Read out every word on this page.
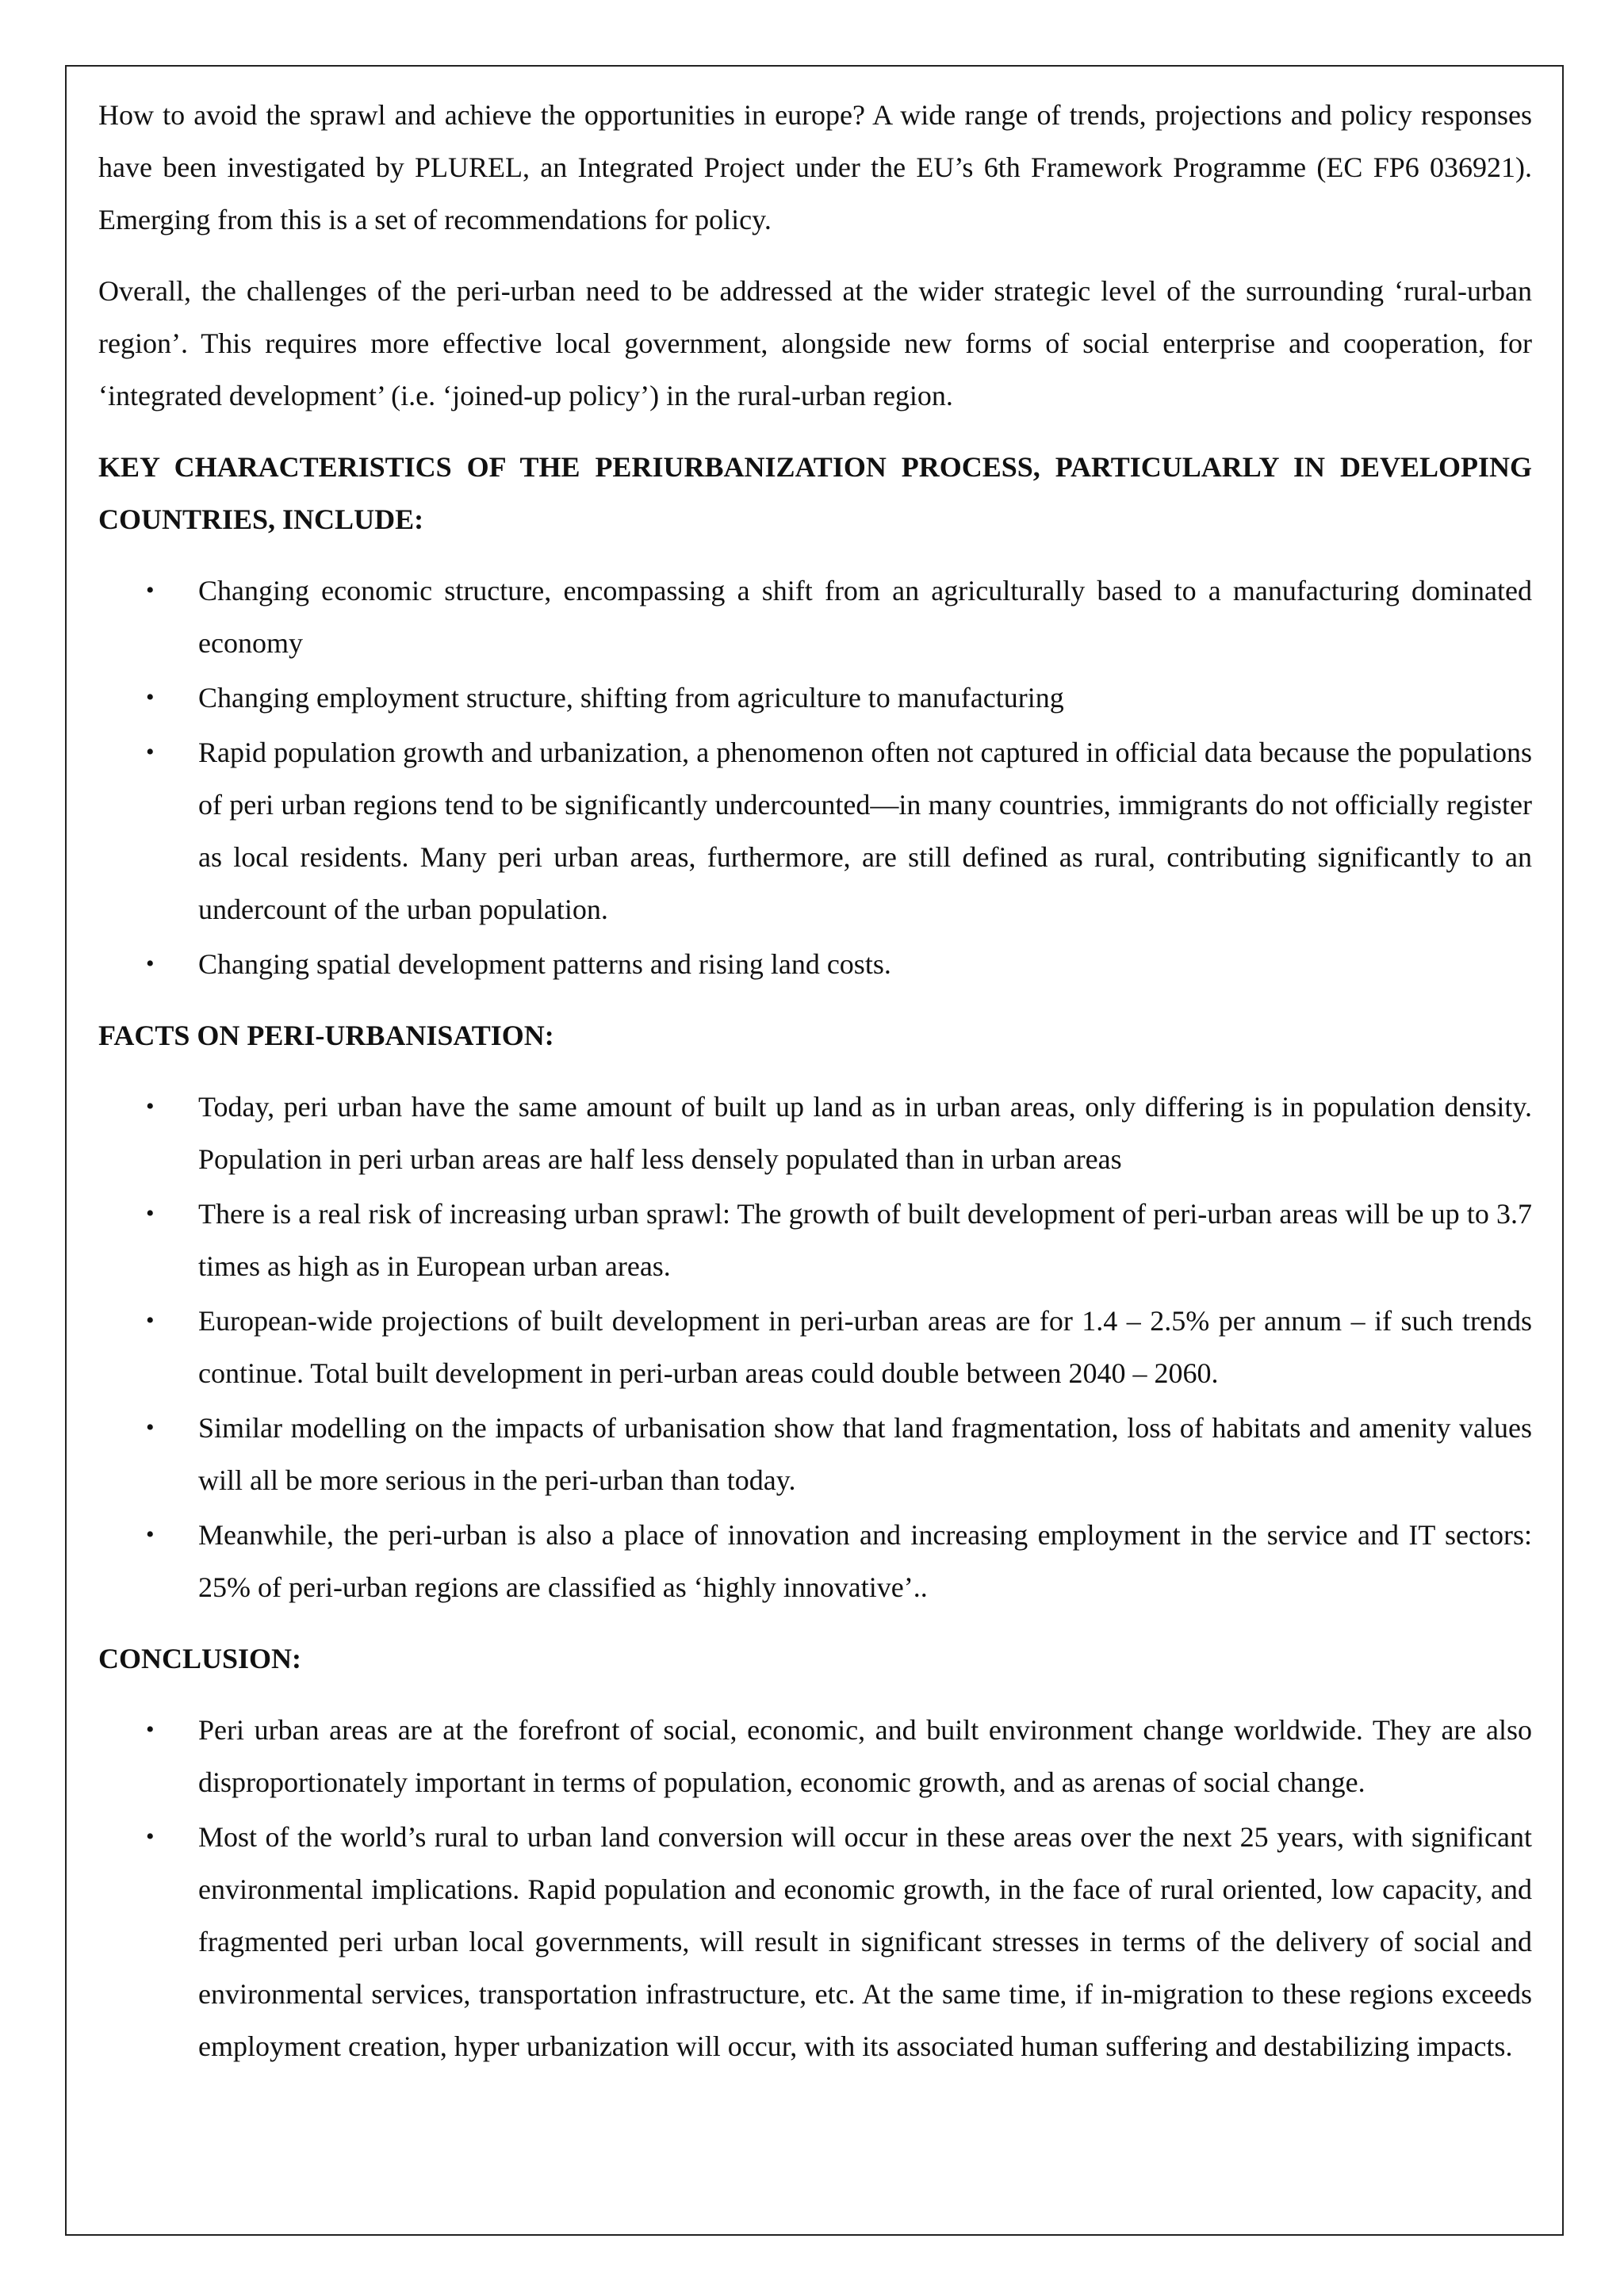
How to avoid the sprawl and achieve the opportunities in europe? A wide range of trends, projections and policy responses have been investigated by PLUREL, an Integrated Project under the EU’s 6th Framework Programme (EC FP6 036921). Emerging from this is a set of recommendations for policy.

Overall, the challenges of the peri-urban need to be addressed at the wider strategic level of the surrounding ‘rural-urban region’. This requires more effective local government, alongside new forms of social enterprise and cooperation, for ‘integrated development’ (i.e. ‘joined-up policy’) in the rural-urban region.

KEY CHARACTERISTICS OF THE PERIURBANIZATION PROCESS, PARTICULARLY IN DEVELOPING COUNTRIES, INCLUDE:

• Changing economic structure, encompassing a shift from an agriculturally based to a manufacturing dominated economy
• Changing employment structure, shifting from agriculture to manufacturing
• Rapid population growth and urbanization, a phenomenon often not captured in official data because the populations of peri urban regions tend to be significantly undercounted—in many countries, immigrants do not officially register as local residents. Many peri urban areas, furthermore, are still defined as rural, contributing significantly to an undercount of the urban population.
• Changing spatial development patterns and rising land costs.

FACTS ON PERI-URBANISATION:

• Today, peri urban have the same amount of built up land as in urban areas, only differing is in population density. Population in peri urban areas are half less densely populated than in urban areas
• There is a real risk of increasing urban sprawl: The growth of built development of peri-urban areas will be up to 3.7 times as high as in European urban areas.
• European-wide projections of built development in peri-urban areas are for 1.4 – 2.5% per annum – if such trends continue. Total built development in peri-urban areas could double between 2040 – 2060.
• Similar modelling on the impacts of urbanisation show that land fragmentation, loss of habitats and amenity values will all be more serious in the peri-urban than today.
• Meanwhile, the peri-urban is also a place of innovation and increasing employment in the service and IT sectors: 25% of peri-urban regions are classified as ‘highly innovative’..

CONCLUSION:

• Peri urban areas are at the forefront of social, economic, and built environment change worldwide. They are also disproportionately important in terms of population, economic growth, and as arenas of social change.
• Most of the world’s rural to urban land conversion will occur in these areas over the next 25 years, with significant environmental implications. Rapid population and economic growth, in the face of rural oriented, low capacity, and fragmented peri urban local governments, will result in significant stresses in terms of the delivery of social and environmental services, transportation infrastructure, etc. At the same time, if in-migration to these regions exceeds employment creation, hyper urbanization will occur, with its associated human suffering and destabilizing impacts.
